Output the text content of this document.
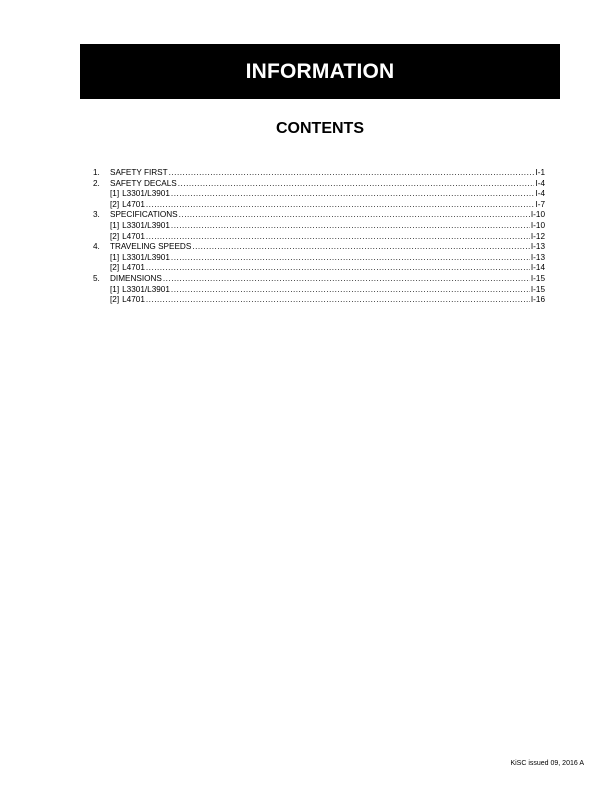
INFORMATION
CONTENTS
1.	SAFETY FIRST .....	I-1
2.	SAFETY DECALS .....	I-4
[1] L3301/L3901 .....	I-4
[2] L4701 .....	I-7
3.	SPECIFICATIONS .....	I-10
[1] L3301/L3901 .....	I-10
[2] L4701 .....	I-12
4.	TRAVELING SPEEDS .....	I-13
[1] L3301/L3901 .....	I-13
[2] L4701 .....	I-14
5.	DIMENSIONS .....	I-15
[1] L3301/L3901 .....	I-15
[2] L4701 .....	I-16
KiSC issued 09, 2016 A
